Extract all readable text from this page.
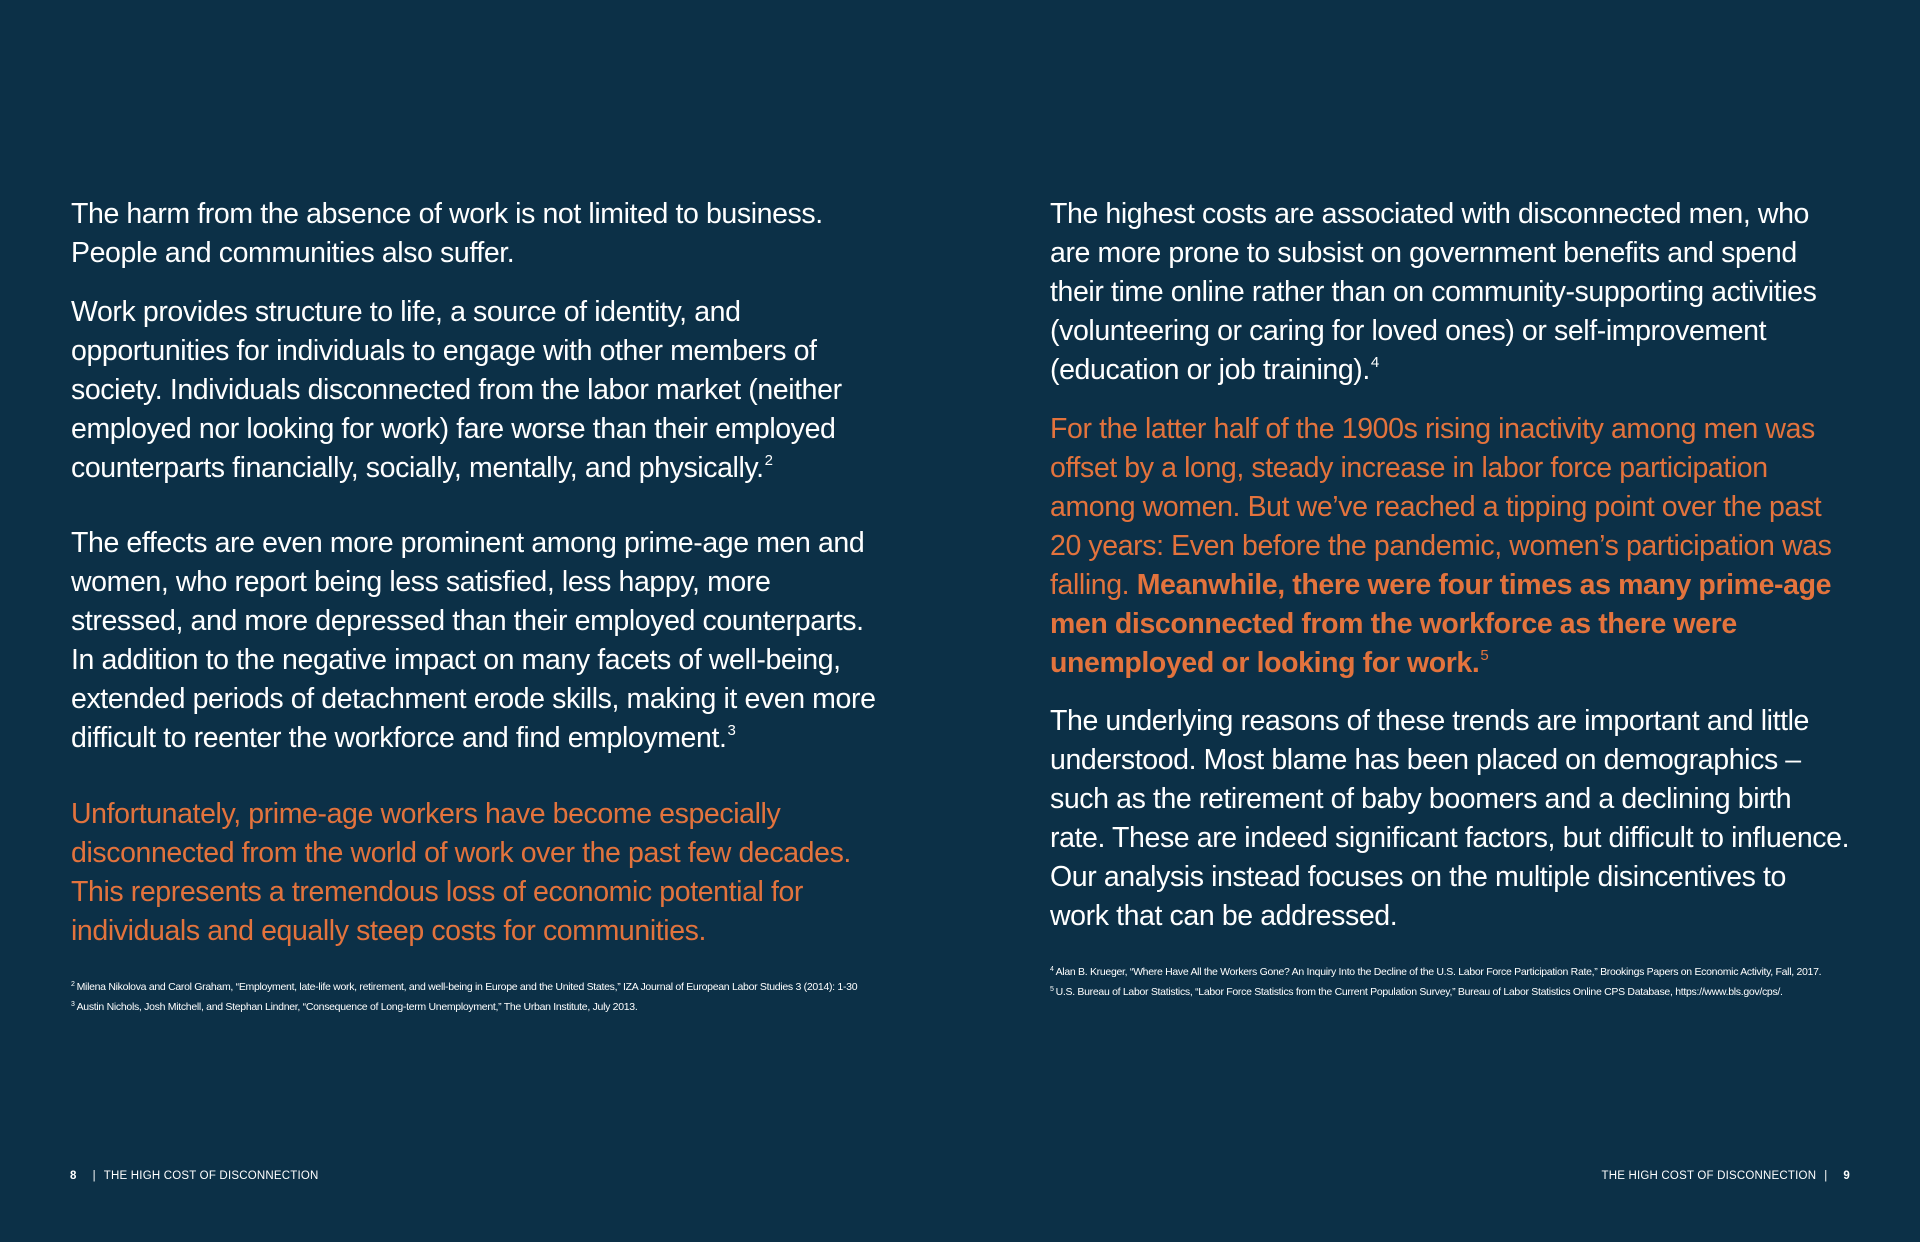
The harm from the absence of work is not limited to business. People and communities also suffer.

Work provides structure to life, a source of identity, and opportunities for individuals to engage with other members of society. Individuals disconnected from the labor market (neither employed nor looking for work) fare worse than their employed counterparts financially, socially, mentally, and physically.$^2$

The effects are even more prominent among prime-age men and women, who report being less satisfied, less happy, more stressed, and more depressed than their employed counterparts. In addition to the negative impact on many facets of well-being, extended periods of detachment erode skills, making it even more difficult to reenter the workforce and find employment.$^3$

Unfortunately, prime-age workers have become especially disconnected from the world of work over the past few decades. This represents a tremendous loss of economic potential for individuals and equally steep costs for communities.

$^2$ Milena Nikolova and Carol Graham, “Employment, late-life work, retirement, and well-being in Europe and the United States,” IZA Journal of European Labor Studies 3 (2014): 1-30

$^3$ Austin Nichols, Josh Mitchell, and Stephan Lindner, “Consequence of Long-term Unemployment,” The Urban Institute, July 2013.

The highest costs are associated with disconnected men, who are more prone to subsist on government benefits and spend their time online rather than on community-supporting activities (volunteering or caring for loved ones) or self-improvement (education or job training).$^4$

For the latter half of the 1900s rising inactivity among men was offset by a long, steady increase in labor force participation among women. But we’ve reached a tipping point over the past 20 years: Even before the pandemic, women’s participation was falling. Meanwhile, there were four times as many prime-age men disconnected from the workforce as there were unemployed or looking for work.$^5$

The underlying reasons of these trends are important and little understood. Most blame has been placed on demographics – such as the retirement of baby boomers and a declining birth rate. These are indeed significant factors, but difficult to influence. Our analysis instead focuses on the multiple disincentives to work that can be addressed.

$^4$ Alan B. Krueger, “Where Have All the Workers Gone? An Inquiry Into the Decline of the U.S. Labor Force Participation Rate,” Brookings Papers on Economic Activity, Fall, 2017.

$^5$ U.S. Bureau of Labor Statistics, “Labor Force Statistics from the Current Population Survey,” Bureau of Labor Statistics Online CPS Database, https://www.bls.gov/cps/.

8 | THE HIGH COST OF DISCONNECTION	THE HIGH COST OF DISCONNECTION | 9
